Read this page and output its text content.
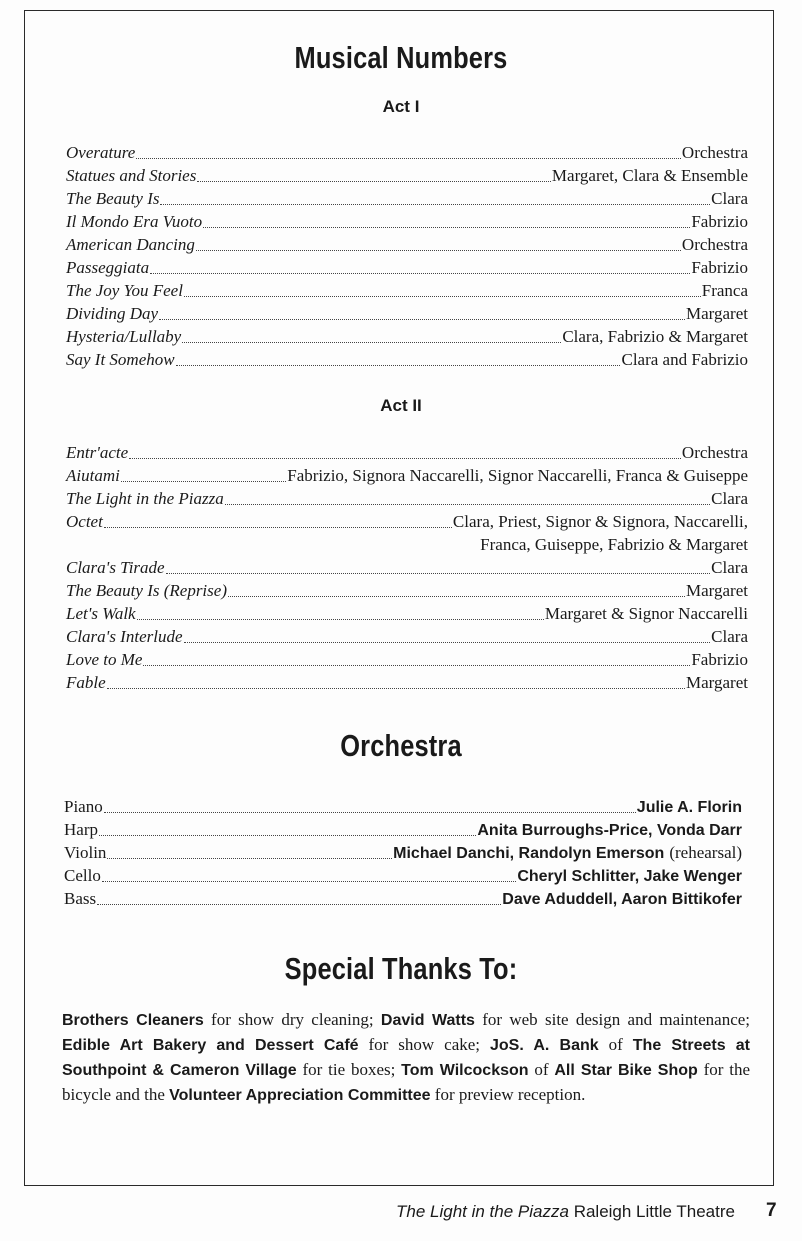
Musical Numbers
Act I
Overature	Orchestra
Statues and Stories	Margaret, Clara & Ensemble
The Beauty Is	Clara
Il Mondo Era Vuoto	Fabrizio
American Dancing	Orchestra
Passeggiata	Fabrizio
The Joy You Feel	Franca
Dividing Day	Margaret
Hysteria/Lullaby	Clara, Fabrizio & Margaret
Say It Somehow	Clara and Fabrizio
Act II
Entr'acte	Orchestra
Aiutami	Fabrizio, Signora Naccarelli, Signor Naccarelli, Franca & Guiseppe
The Light in the Piazza	Clara
Octet	Clara, Priest, Signor & Signora, Naccarelli,
Franca, Guiseppe, Fabrizio & Margaret
Clara's Tirade	Clara
The Beauty Is (Reprise)	Margaret
Let's Walk	Margaret & Signor Naccarelli
Clara's Interlude	Clara
Love to Me	Fabrizio
Fable	Margaret
Orchestra
Piano	Julie A. Florin
Harp	Anita Burroughs-Price, Vonda Darr
Violin	Michael Danchi, Randolyn Emerson (rehearsal)
Cello	Cheryl Schlitter, Jake Wenger
Bass	Dave Aduddell, Aaron Bittikofer
Special Thanks To:
Brothers Cleaners for show dry cleaning; David Watts for web site design and maintenance; Edible Art Bakery and Dessert Café for show cake; JoS. A. Bank of The Streets at Southpoint & Cameron Village for tie boxes; Tom Wilcockson of All Star Bike Shop for the bicycle and the Volunteer Appreciation Committee for preview reception.
The Light in the Piazza Raleigh Little Theatre	7
